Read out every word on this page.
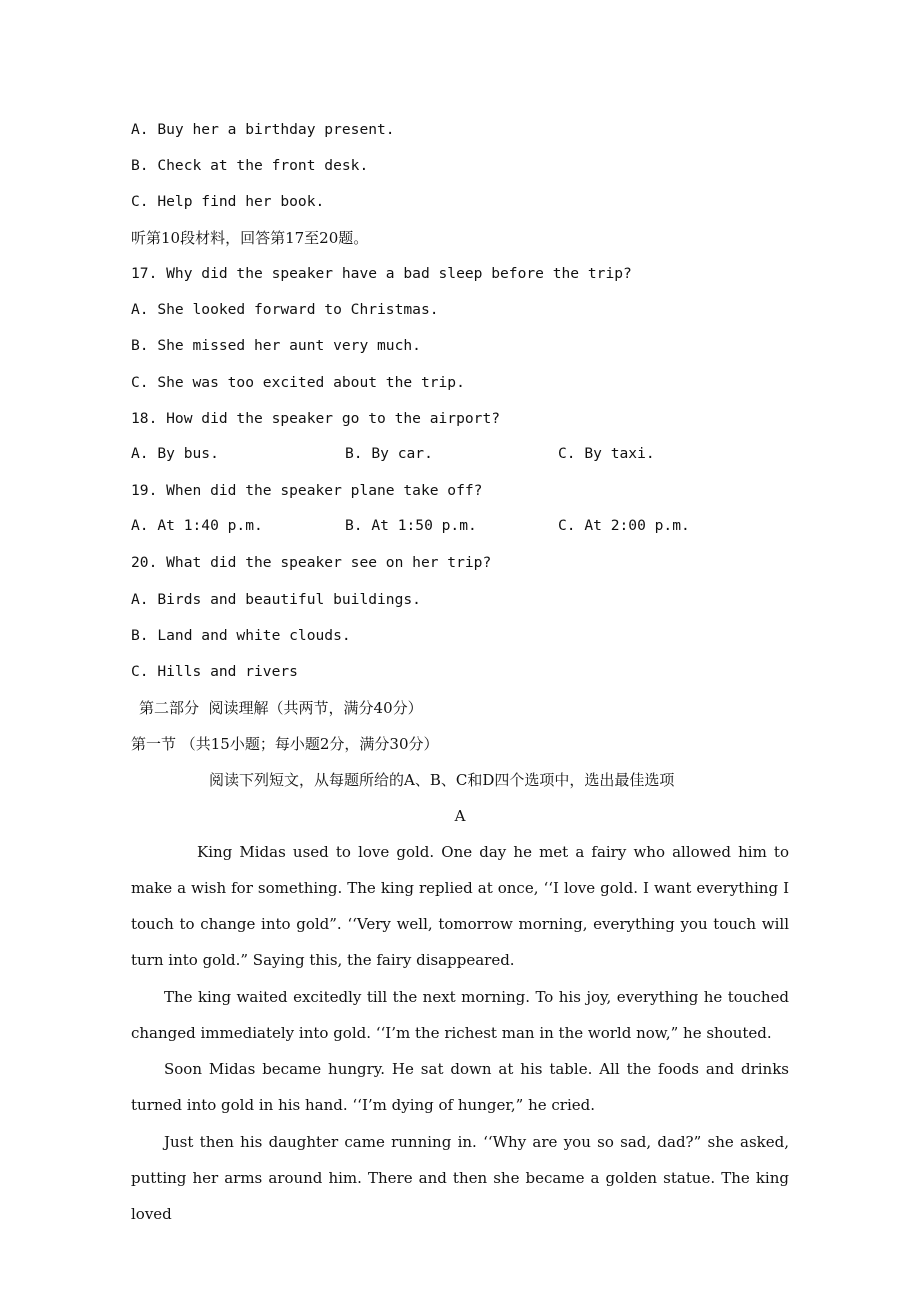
A. Buy her a birthday present.
B. Check at the front desk.
C. Help find her book.
听第10段材料，回答第17至20题。
17. Why did the speaker have a bad sleep before the trip?
A. She looked forward to Christmas.
B. She missed her aunt very much.
C. She was too excited about the trip.
18. How did the speaker go to the airport?
A. By bus.	B. By car.	C. By taxi.
19. When did the speaker plane take off?
A. At 1:40 p.m.	B. At 1:50 p.m.	C. At 2:00 p.m.
20. What did the speaker see on her trip?
A. Birds and beautiful buildings.
B. Land and white clouds.
C. Hills and rivers
第二部分  阅读理解（共两节，满分40分）
第一节 （共15小题；每小题2分，满分30分）
阅读下列短文，从每题所给的A、B、C和D四个选项中，选出最佳选项
A
King Midas used to love gold. One day he met a fairy who allowed him to make a wish for something. The king replied at once, ‘‘I love gold. I want everything I touch to change into gold”. ‘‘Very well, tomorrow morning, everything you touch will turn into gold.” Saying this, the fairy disappeared.
The king waited excitedly till the next morning. To his joy, everything he touched changed immediately into gold. ‘‘I’m the richest man in the world now,” he shouted.
Soon Midas became hungry. He sat down at his table. All the foods and drinks turned into gold in his hand. ‘‘I’m dying of hunger,” he cried.
Just then his daughter came running in. ‘‘Why are you so sad, dad?” she asked, putting her arms around him. There and then she became a golden statue. The king loved
